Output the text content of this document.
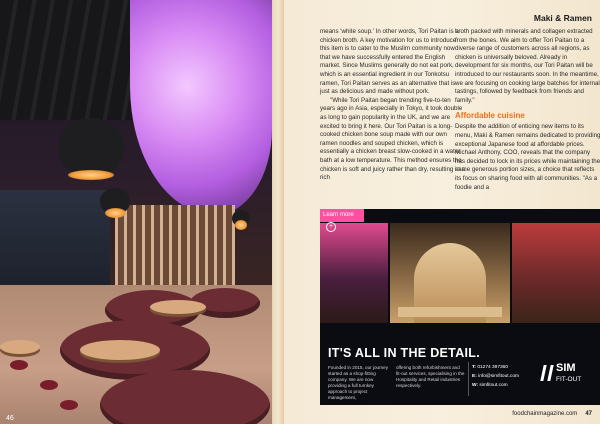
46
Maki & Ramen

means 'white soup.' In other words, Tori Paitan is a chicken broth. A key motivation for us to introduce this item is to cater to the Muslim community now that we have successfully entered the English market. Since Muslims generally do not eat pork, which is an essential ingredient in our Tonkotsu ramen, Tori Paitan serves as an alternative that is just as delicious and made without pork.

"While Tori Paitan began trending five-to-ten years ago in Asia, especially in Tokyo, it took double as long to gain popularity in the UK, and we are excited to bring it here. Our Tori Paitan is a long-cooked chicken bone soup made with our own ramen noodles and souped chicken, which is essentially a chicken breast slow-cooked in a water bath at a low temperature. This method ensures the chicken is soft and juicy rather than dry, resulting in a rich

broth packed with minerals and collagen extracted from the bones. We aim to offer Tori Paitan to a diverse range of customers across all regions, as chicken is universally beloved. Already in development for six months, our Tori Paitan will be introduced to our restaurants soon. In the meantime, we are focusing on cooking large batches for internal tastings, followed by feedback from friends and family."

Affordable cuisine

Despite the addition of enticing new items to its menu, Maki & Ramen remains dedicated to providing exceptional Japanese food at affordable prices. Michael Anthony, COO, reveals that the company has decided to lock in its prices while maintaining the same generous portion sizes, a choice that reflects its focus on sharing food with all communities. "As a foodie and a

Learn more+
IT'S ALL IN THE DETAIL.
Founded in 2015, our journey started as a shop-fitting company. We are now providing a full turnkey approach to project management,
offering both refurbishment and fit-out services, specialising in the Hospitality and Retail industries respectively.
T: 01274 397360
E: info@simfitout.com
W: simfitout.com
SIM
FIT-OUT
foodchainmagazine.com 47
